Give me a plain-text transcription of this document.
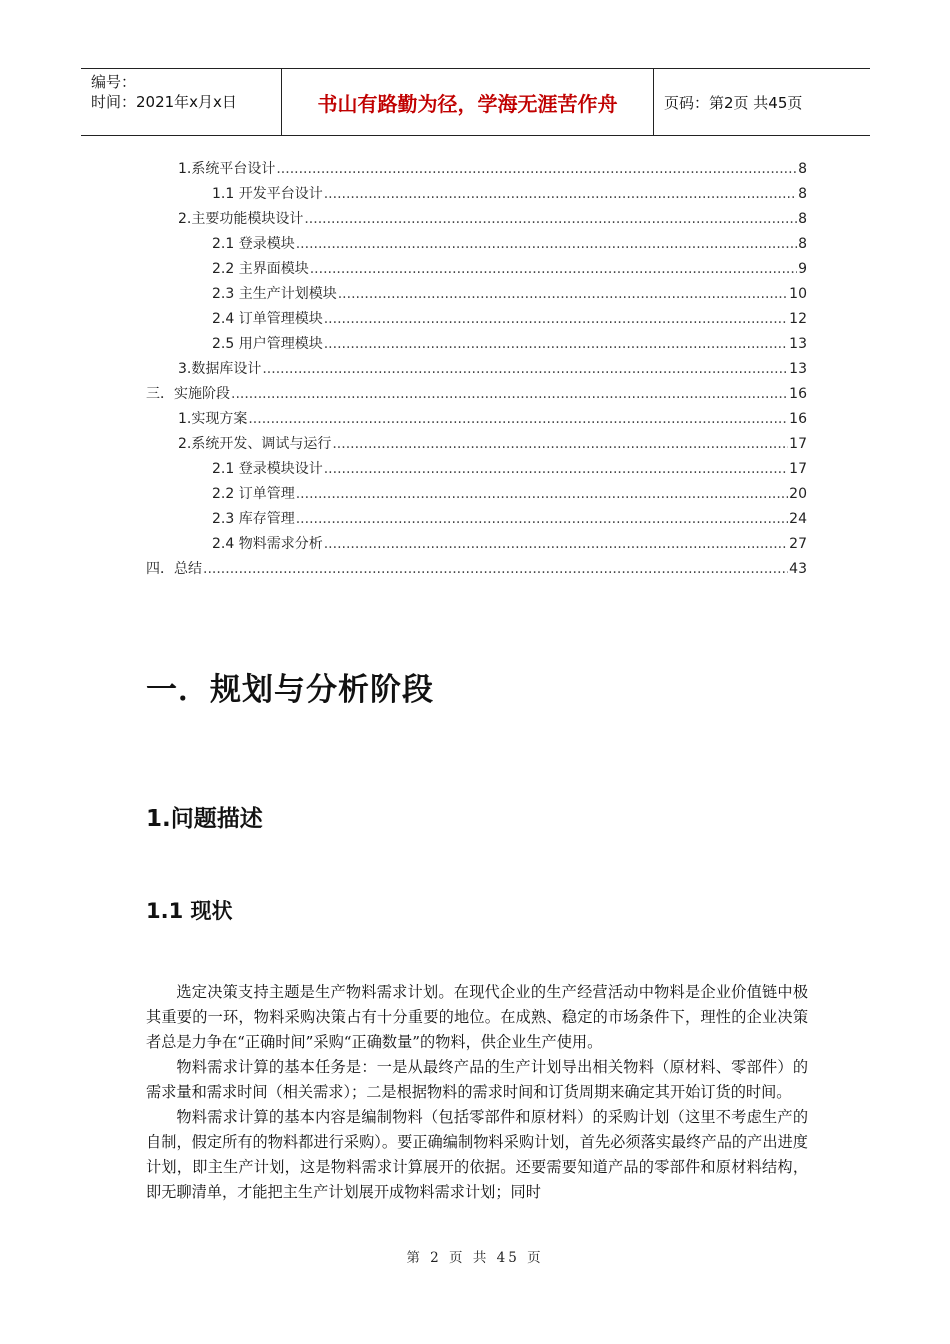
编号：
时间：2021年x月x日	书山有路勤为径，学海无涯苦作舟	页码：第2页 共45页
1.系统平台设计 .....	8
1.1 开发平台设计 .....	8
2.主要功能模块设计 .....	8
2.1 登录模块 .....	8
2.2 主界面模块 .....	9
2.3 主生产计划模块 .....	10
2.4 订单管理模块 .....	12
2.5 用户管理模块 .....	13
3.数据库设计 .....	13
三．实施阶段 .....	16
1.实现方案 .....	16
2.系统开发、调试与运行 .....	17
2.1 登录模块设计 .....	17
2.2 订单管理 .....	20
2.3 库存管理 .....	24
2.4 物料需求分析 .....	27
四．总结 .....	43
一．规划与分析阶段
1.问题描述
1.1 现状

选定决策支持主题是生产物料需求计划。在现代企业的生产经营活动中物料是企业价值链中极其重要的一环，物料采购决策占有十分重要的地位。在成熟、稳定的市场条件下，理性的企业决策者总是力争在“正确时间”采购“正确数量”的物料，供企业生产使用。

物料需求计算的基本任务是：一是从最终产品的生产计划导出相关物料（原材料、零部件）的需求量和需求时间（相关需求）；二是根据物料的需求时间和订货周期来确定其开始订货的时间。

物料需求计算的基本内容是编制物料（包括零部件和原材料）的采购计划（这里不考虑生产的自制，假定所有的物料都进行采购）。要正确编制物料采购计划，首先必须落实最终产品的产出进度计划，即主生产计划，这是物料需求计算展开的依据。还要需要知道产品的零部件和原材料结构，即无聊清单，才能把主生产计划展开成物料需求计划；同时

第 2 页 共 45 页
